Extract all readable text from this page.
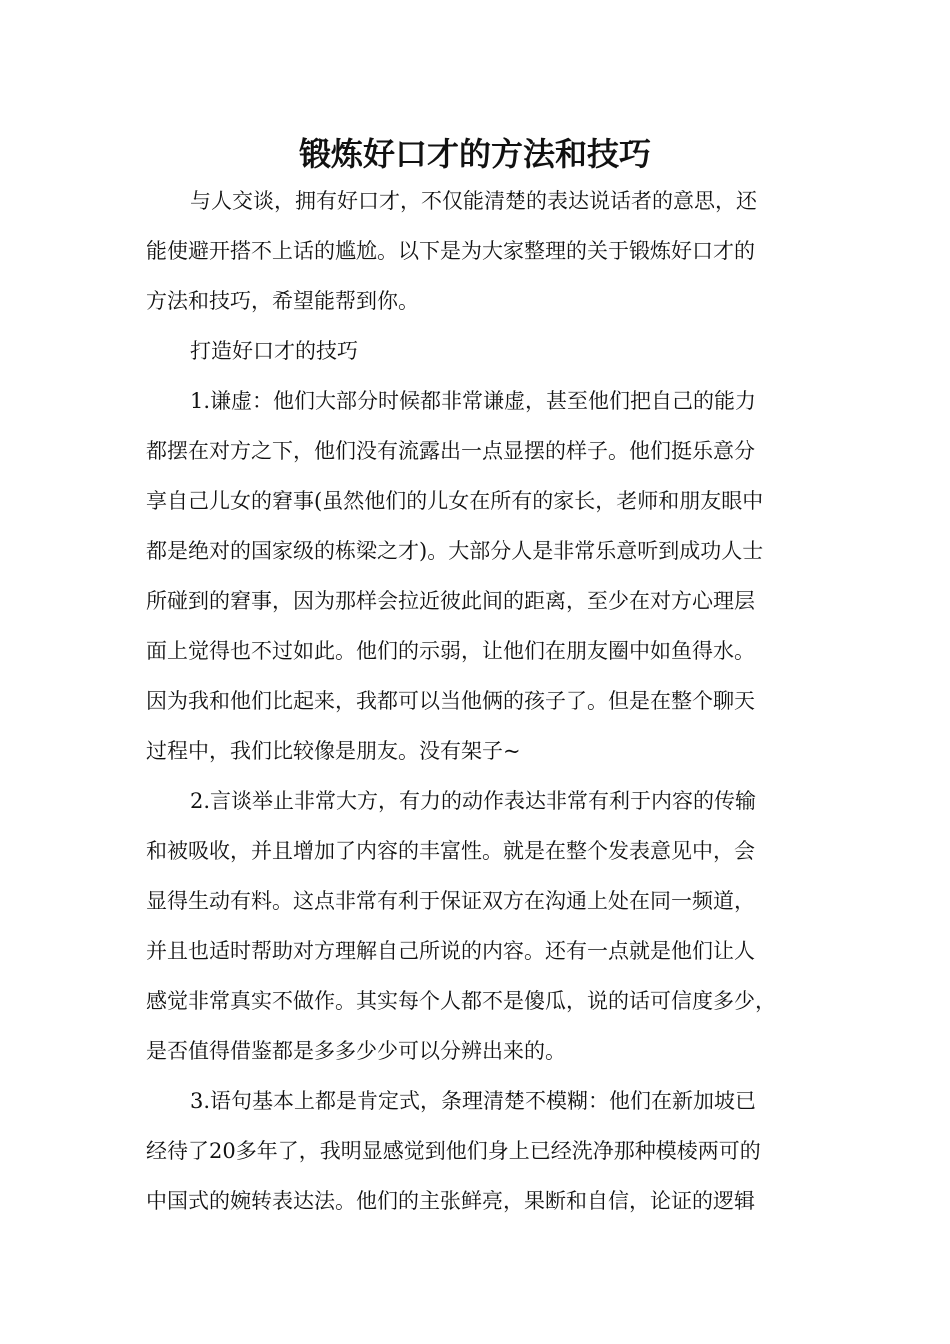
锻炼好口才的方法和技巧
与人交谈，拥有好口才，不仅能清楚的表达说话者的意思，还
能使避开搭不上话的尴尬。以下是为大家整理的关于锻炼好口才的
方法和技巧，希望能帮到你。
打造好口才的技巧
1.谦虚：他们大部分时候都非常谦虚，甚至他们把自己的能力
都摆在对方之下，他们没有流露出一点显摆的样子。他们挺乐意分
享自己儿女的窘事(虽然他们的儿女在所有的家长，老师和朋友眼中
都是绝对的国家级的栋梁之才)。大部分人是非常乐意听到成功人士
所碰到的窘事，因为那样会拉近彼此间的距离，至少在对方心理层
面上觉得也不过如此。他们的示弱，让他们在朋友圈中如鱼得水。
因为我和他们比起来，我都可以当他俩的孩子了。但是在整个聊天
过程中，我们比较像是朋友。没有架子~
2.言谈举止非常大方，有力的动作表达非常有利于内容的传输
和被吸收，并且增加了内容的丰富性。就是在整个发表意见中，会
显得生动有料。这点非常有利于保证双方在沟通上处在同一频道，
并且也适时帮助对方理解自己所说的内容。还有一点就是他们让人
感觉非常真实不做作。其实每个人都不是傻瓜，说的话可信度多少，
是否值得借鉴都是多多少少可以分辨出来的。
3.语句基本上都是肯定式，条理清楚不模糊：他们在新加坡已
经待了20多年了，我明显感觉到他们身上已经洗净那种模棱两可的
中国式的婉转表达法。他们的主张鲜亮，果断和自信，论证的逻辑
